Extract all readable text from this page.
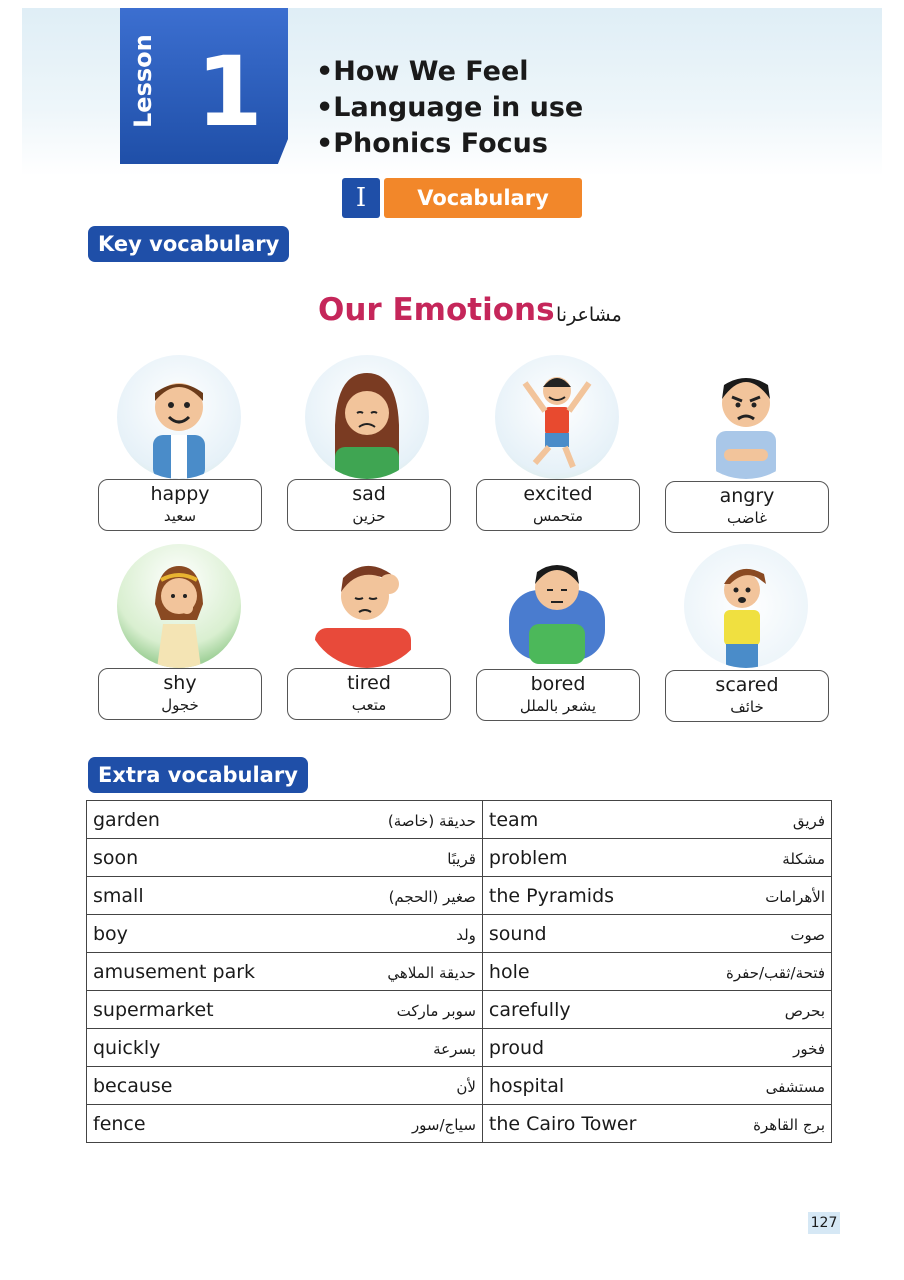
Lesson 1	• How We Feel
• Language in use
• Phonics Focus
I	Vocabulary
Key vocabulary
Our Emotions مشاعرنا
happy
سعيد
sad
حزين
excited
متحمس
angry
غاضب
shy
خجول
tired
متعب
bored
يشعر بالملل
scared
خائف
Extra vocabulary
garden حديقة (خاصة)	team فريق

soon قريبًا	problem مشكلة

small صغير (الحجم)	the Pyramids الأهرامات

boy ولد	sound صوت

amusement park حديقة الملاهي	hole فتحة/ثقب/حفرة

supermarket سوبر ماركت	carefully بحرص

quickly بسرعة	proud فخور

because لأن	hospital مستشفى

fence سياج/سور	the Cairo Tower برج القاهرة
127
